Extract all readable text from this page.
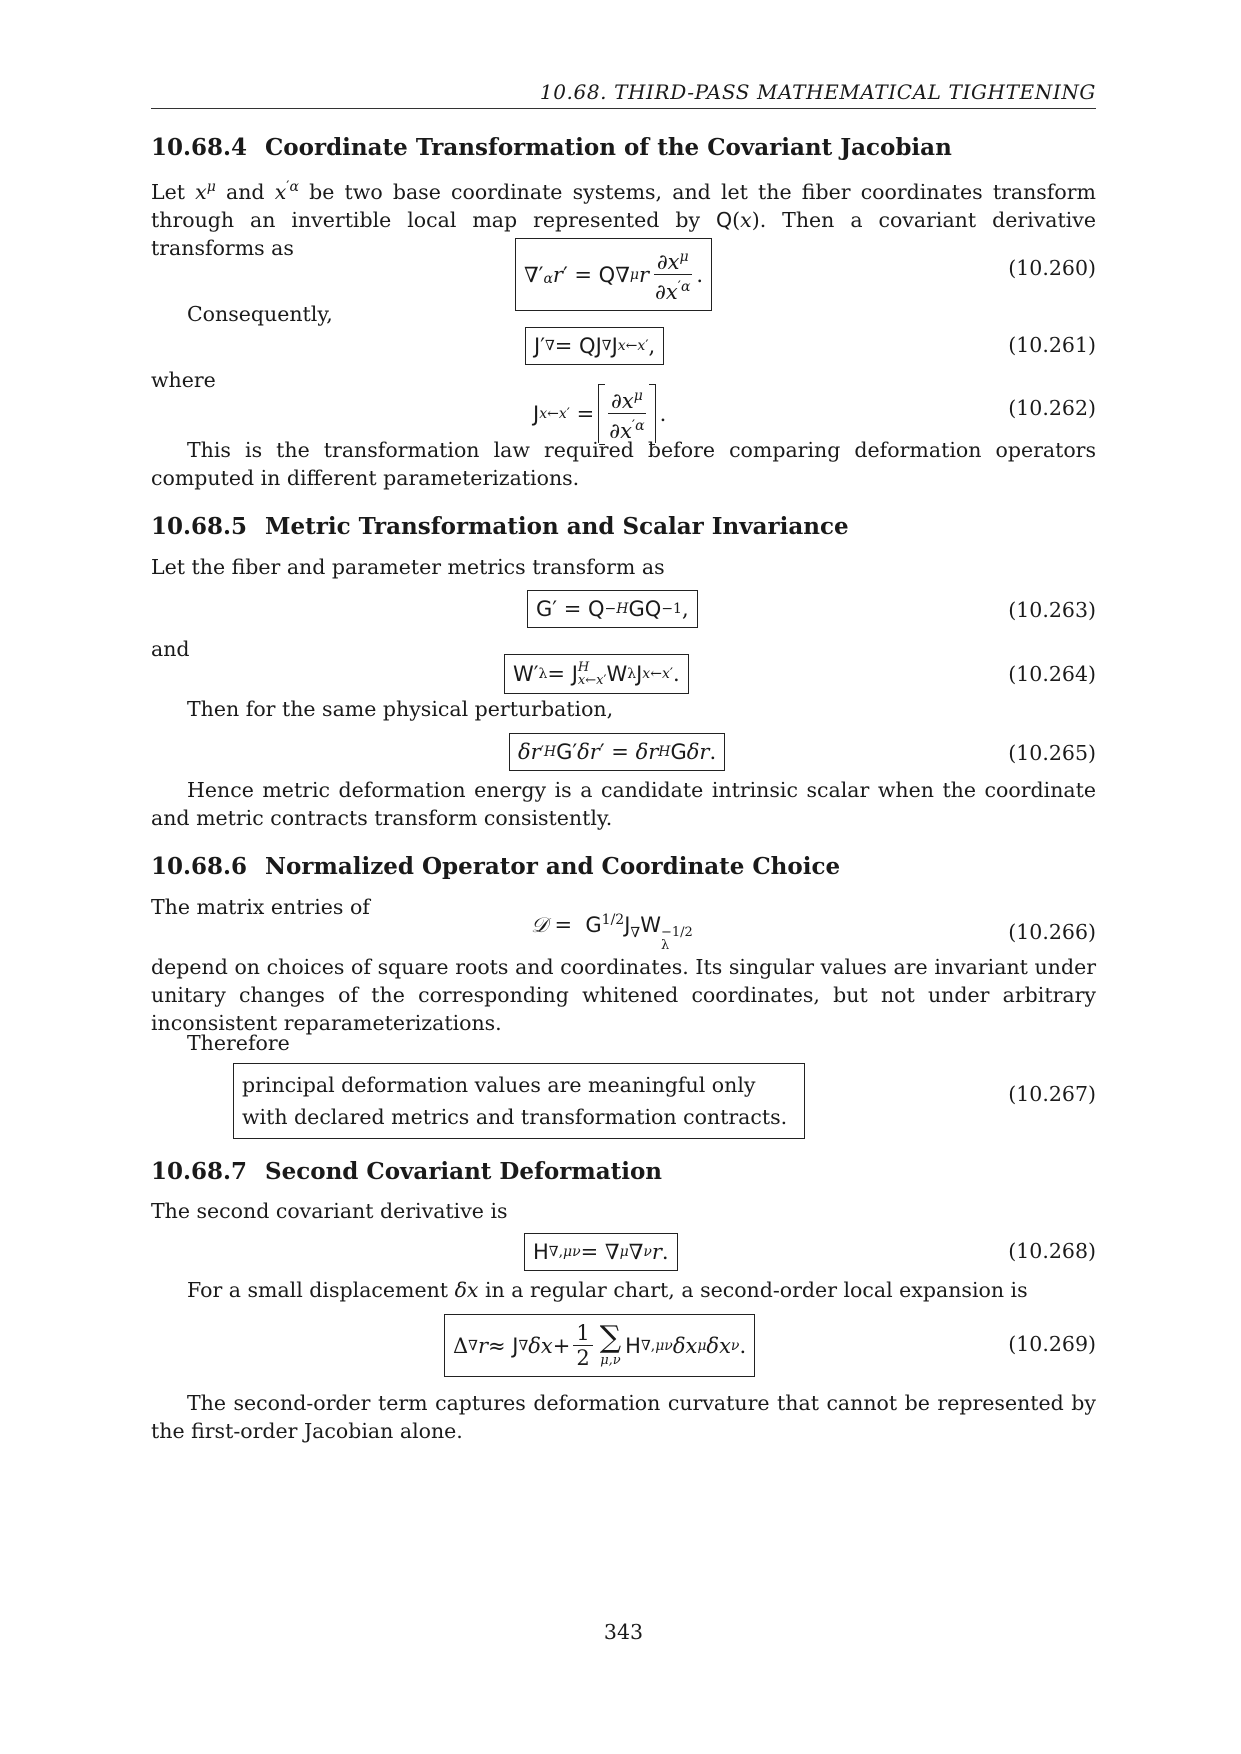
10.68. THIRD-PASS MATHEMATICAL TIGHTENING
10.68.4 Coordinate Transformation of the Covariant Jacobian
Let $x^\mu$ and $x^{'\alpha}$ be two base coordinate systems, and let the fiber coordinates transform through an invertible local map represented by Q(x). Then a covariant derivative transforms as
∇′ $_\alpha$ r ′ = Q ∇ μ r $\frac{\partial x^\mu}{\partial x^{'\alpha}}$ .	(10.260)
Consequently,
J ′ ∇ = QJ ∇ J x←x′ ,	(10.261)
where
J x←x′ = $\frac{\partial x^\mu}{\partial x^{'\alpha}}$ .	(10.262)
This is the transformation law required before comparing deformation operators computed in different parameterizations.
10.68.5 Metric Transformation and Scalar Invariance
Let the fiber and parameter metrics transform as
G ′ = Q −H GQ −1 ,	(10.263)
and
W ′ λ = J H
x←x′ W λ J x←x′ .	(10.264)
Then for the same physical perturbation,
δr ′H G ′ δr ′ = δr H G δr .	(10.265)
Hence metric deformation energy is a candidate intrinsic scalar when the coordinate and metric contracts transform consistently.
10.68.6 Normalized Operator and Coordinate Choice
The matrix entries of
𝒟 =  $G^{1/2}J_\nabla W$ $_{-1/2 \lambda}$
(10.266)
depend on choices of square roots and coordinates. Its singular values are invariant under unitary changes of the corresponding whitened coordinates, but not under arbitrary inconsistent reparameterizations.
Therefore
principal deformation values are meaningful only with declared metrics and transformation contracts.
(10.267)
10.68.7 Second Covariant Deformation
The second covariant derivative is
H ∇,μν = ∇ μ ∇ ν r .	(10.268)
For a small displacement δx in a regular chart, a second-order local expansion is
Δ ∇ r ≈ J ∇ $\delta x + \frac{1}{2}$ ∑
μ,ν
H ∇,μν δx μ δx ν .	(10.269)
The second-order term captures deformation curvature that cannot be represented by the first-order Jacobian alone.
343
